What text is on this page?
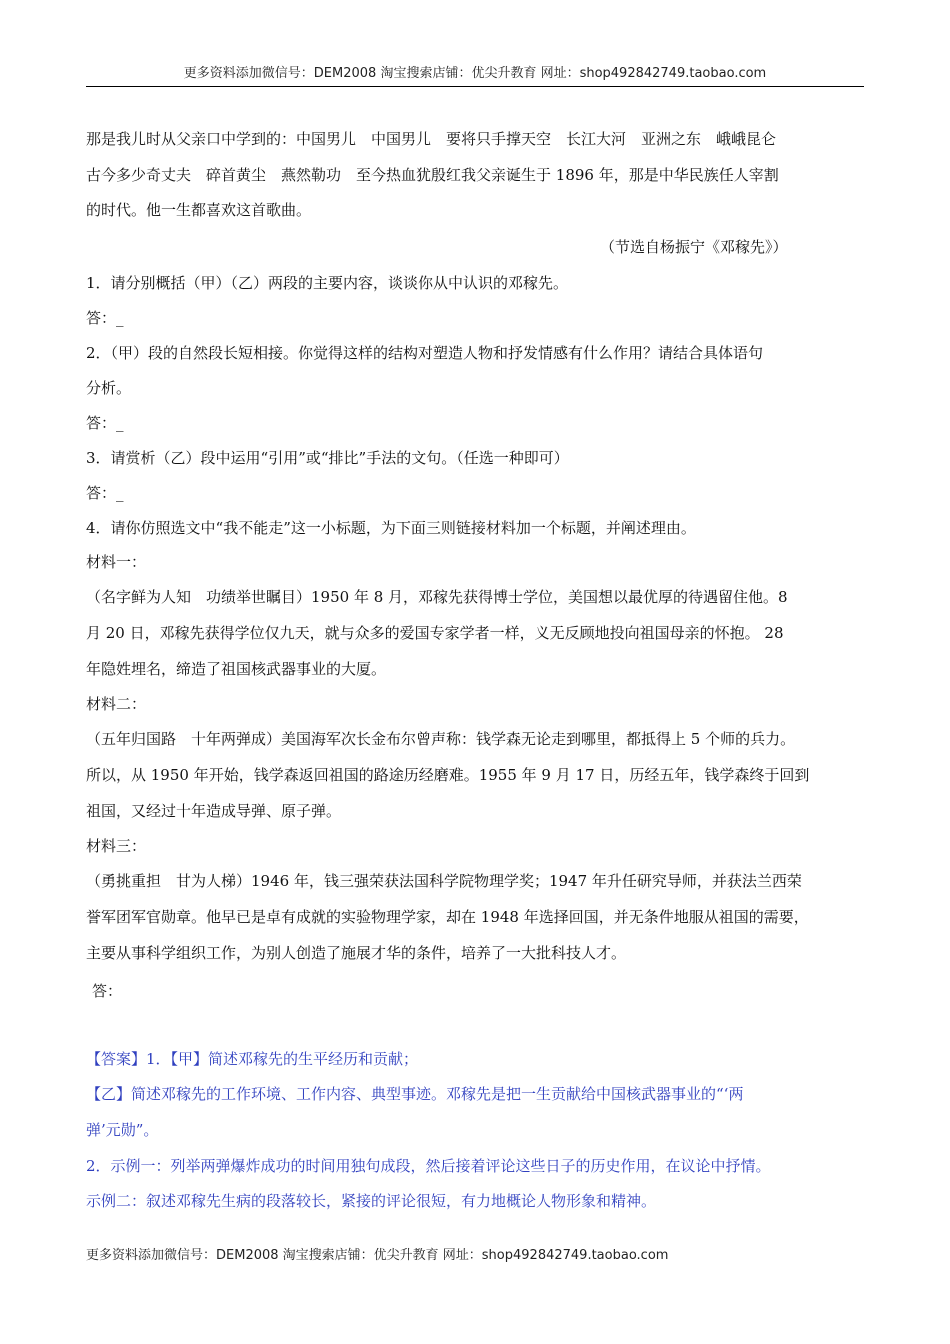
更多资料添加微信号：DEM2008 淘宝搜索店铺：优尖升教育 网址：shop492842749.taobao.com
那是我儿时从父亲口中学到的：中国男儿　中国男儿　要将只手撑天空　长江大河　亚洲之东　峨峨昆仑
古今多少奇丈夫　碎首黄尘　燕然勒功　至今热血犹殷红我父亲诞生于 1896 年，那是中华民族任人宰割
的时代。他一生都喜欢这首歌曲。
（节选自杨振宁《邓稼先》）
1．请分别概括（甲）（乙）两段的主要内容，谈谈你从中认识的邓稼先。
答：_
2．（甲）段的自然段长短相接。你觉得这样的结构对塑造人物和抒发情感有什么作用？请结合具体语句
分析。
答：_
3．请赏析（乙）段中运用“引用”或“排比”手法的文句。（任选一种即可）
答：_
4．请你仿照选文中“我不能走”这一小标题，为下面三则链接材料加一个标题，并阐述理由。
材料一：
（名字鲜为人知　功绩举世瞩目）1950 年 8 月，邓稼先获得博士学位，美国想以最优厚的待遇留住他。8
月 20 日，邓稼先获得学位仅九天，就与众多的爱国专家学者一样，义无反顾地投向祖国母亲的怀抱。 28
年隐姓埋名，缔造了祖国核武器事业的大厦。
材料二：
（五年归国路　十年两弹成）美国海军次长金布尔曾声称：钱学森无论走到哪里，都抵得上 5 个师的兵力。
所以，从 1950 年开始，钱学森返回祖国的路途历经磨难。1955 年 9 月 17 日，历经五年，钱学森终于回到
祖国，又经过十年造成导弹、原子弹。
材料三：
（勇挑重担　甘为人梯）1946 年，钱三强荣获法国科学院物理学奖；1947 年升任研究导师，并获法兰西荣
誉军团军官勋章。他早已是卓有成就的实验物理学家，却在 1948 年选择回国，并无条件地服从祖国的需要，
主要从事科学组织工作，为别人创造了施展才华的条件，培养了一大批科技人才。
答：
【答案】1．【甲】简述邓稼先的生平经历和贡献；
【乙】简述邓稼先的工作环境、工作内容、典型事迹。邓稼先是把一生贡献给中国核武器事业的“‘两
弹’元勋”。
2．示例一：列举两弹爆炸成功的时间用独句成段，然后接着评论这些日子的历史作用，在议论中抒情。
示例二：叙述邓稼先生病的段落较长，紧接的评论很短，有力地概论人物形象和精神。
更多资料添加微信号：DEM2008 淘宝搜索店铺：优尖升教育 网址：shop492842749.taobao.com
